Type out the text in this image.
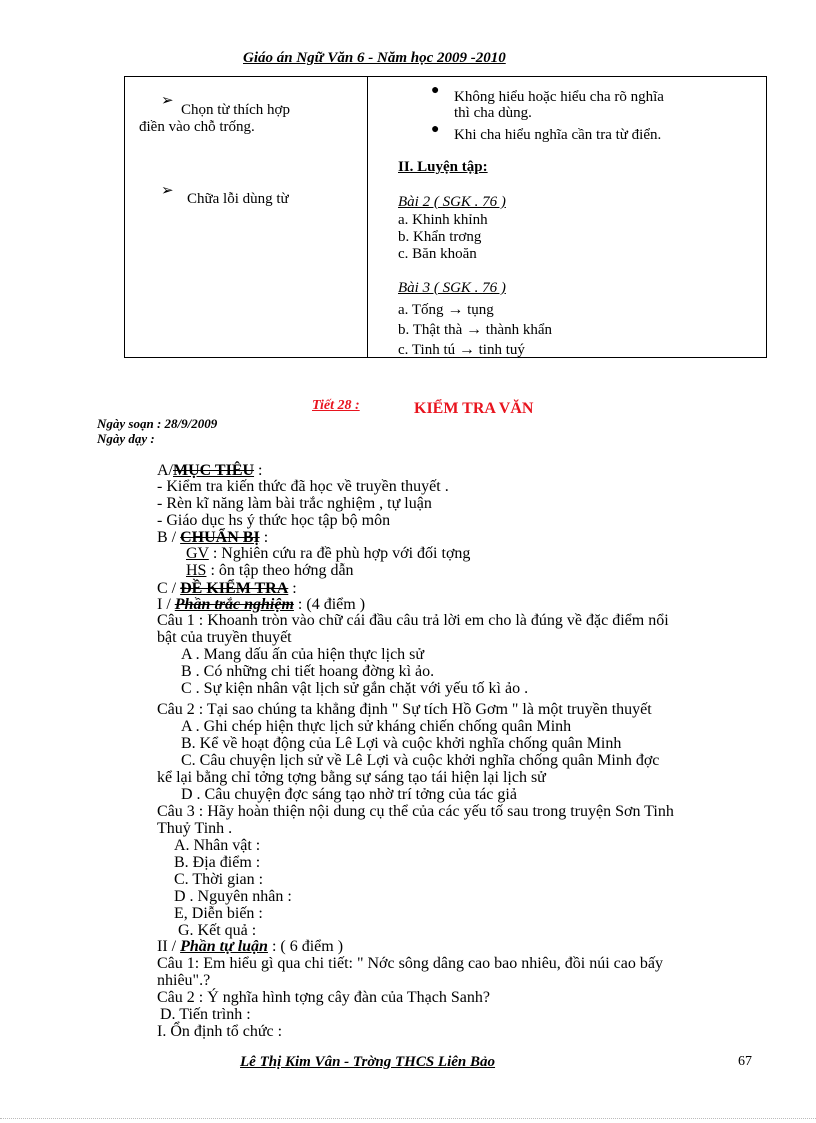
Giáo án Ngữ Văn 6 - Năm học 2009 -2010
➢
Chọn từ thích hợp
điền vào chỗ trống.
➢ Chữa lỗi dùng từ

● Không hiểu hoặc hiểu cha rõ nghĩa
thì cha dùng.
● Khi cha hiểu nghĩa cần tra từ điển.
II. Luyện tập:
Bài 2 ( SGK . 76 )
a. Khinh khỉnh
b. Khẩn trơng
c. Băn khoăn
Bài 3 ( SGK . 76 )
a. Tống → tụng
b. Thật thà → thành khẩn
c. Tinh tú → tinh tuý
Tiết 28 :	KIỂM TRA VĂN
Ngày soạn : 28/9/2009
Ngày dạy :
A/MỤC TIÊU :
- Kiểm tra kiến thức đã học về truyền thuyết .
- Rèn kĩ năng làm bài trắc nghiệm , tự luận
- Giáo dục hs ý thức học tập bộ môn
B / CHUẨN BỊ :
GV : Nghiên cứu ra đề phù hợp với đối tợng
HS : ôn tập theo hớng dẫn
C / ĐỀ KIỂM TRA :
I / Phần trắc nghiệm : (4 điểm )
Câu 1 : Khoanh tròn vào chữ cái đầu câu trả lời em cho là đúng về đặc điểm nổi
bật của truyền thuyết
A . Mang dấu ấn của hiện thực lịch sử
B . Có những chi tiết hoang đờng kì ảo.
C . Sự kiện nhân vật lịch sử gắn chặt với yếu tố kì ảo .
Câu 2 : Tại sao chúng ta khẳng định " Sự tích Hồ Gơm " là một truyền thuyết
A . Ghi chép hiện thực lịch sử kháng chiến chống quân Minh
B. Kể về hoạt động của Lê Lợi và cuộc khởi nghĩa chống quân Minh
C. Câu chuyện lịch sử về Lê Lợi và cuộc khởi nghĩa chống quân Minh đợc
kể lại bằng chỉ tởng tợng bằng sự sáng tạo tái hiện lại lịch sử
D . Câu chuyện đợc sáng tạo nhờ trí tởng của tác giả
Câu 3 : Hãy hoàn thiện nội dung cụ thể của các yếu tố sau trong truyện Sơn Tinh
Thuỷ Tinh .
A. Nhân vật :
B. Địa điểm :
C. Thời gian :
D . Nguyên nhân :
E, Diễn biến :
G. Kết quả :
II / Phần tự luận : ( 6 điểm )
Câu 1: Em hiểu gì qua chi tiết: " Nớc sông dâng cao bao nhiêu, đồi núi cao bấy
nhiêu".?
Câu 2 : Ý nghĩa hình tợng cây đàn của Thạch Sanh?
D. Tiến trình :
I. Ổn định tổ chức :
Lê Thị Kim Vân - Trờng THCS Liên Bảo	67
